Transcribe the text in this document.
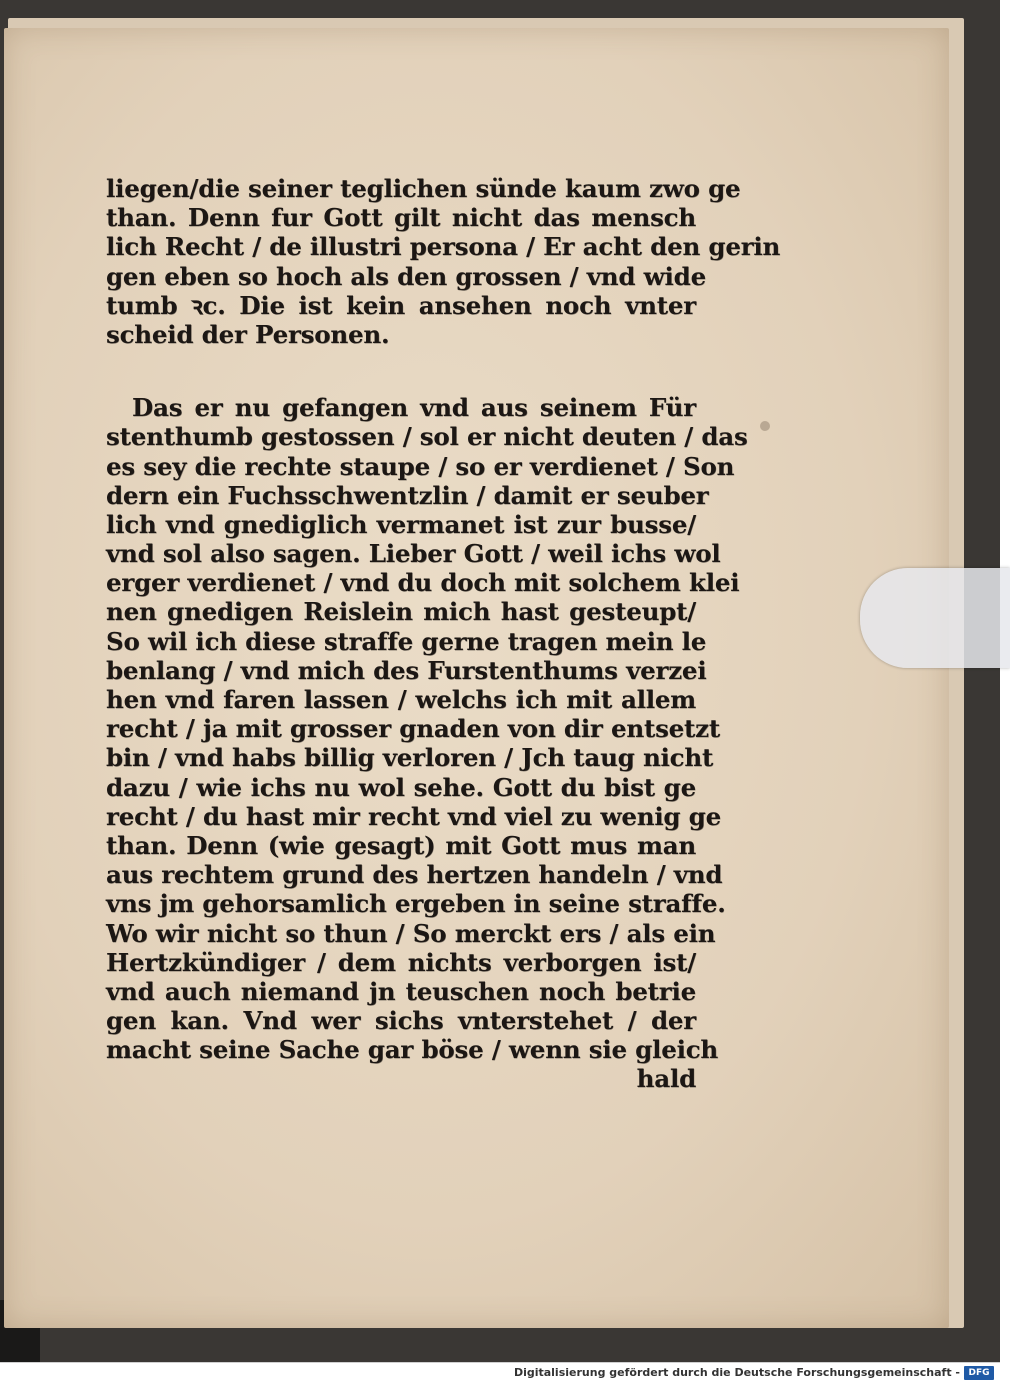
liegen/die seiner teglichen sünde kaum zwo ge
than. Denn fur Gott gilt nicht das mensch
lich Recht / de illustri persona / Er acht den gerin
gen eben so hoch als den grossen / vnd wide
tumb ꝛc. Die ist kein ansehen noch vnter
scheid der Personen.
Das er nu gefangen vnd aus seinem Für
stenthumb gestossen / sol er nicht deuten / das
es sey die rechte staupe / so er verdienet / Son
dern ein Fuchsschwentzlin / damit er seuber
lich vnd gnediglich vermanet ist zur busse/
vnd sol also sagen. Lieber Gott / weil ichs wol
erger verdienet / vnd du doch mit solchem klei
nen gnedigen Reislein mich hast gesteupt/
So wil ich diese straffe gerne tragen mein le
benlang / vnd mich des Furstenthums verzei
hen vnd faren lassen / welchs ich mit allem
recht / ja mit grosser gnaden von dir entsetzt
bin / vnd habs billig verloren / Jch taug nicht
dazu / wie ichs nu wol sehe. Gott du bist ge
recht / du hast mir recht vnd viel zu wenig ge
than. Denn (wie gesagt) mit Gott mus man
aus rechtem grund des hertzen handeln / vnd
vns jm gehorsamlich ergeben in seine straffe.
Wo wir nicht so thun / So merckt ers / als ein
Hertzkündiger / dem nichts verborgen ist/
vnd auch niemand jn teuschen noch betrie
gen kan. Vnd wer sichs vnterstehet / der
macht seine Sache gar böse / wenn sie gleich
hald
Digitalisierung gefördert durch die Deutsche Forschungsgemeinschaft - DFG
